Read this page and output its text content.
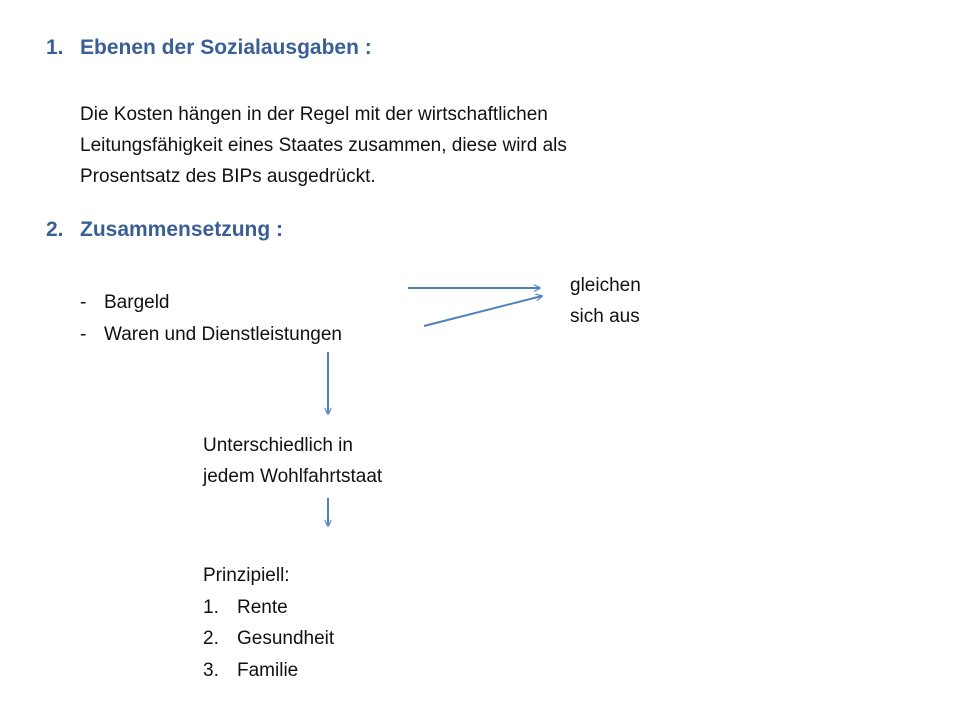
1. Ebenen der Sozialausgaben :
Die Kosten hängen in der Regel mit der wirtschaftlichen
Leitungsfähigkeit eines Staates zusammen, diese wird als
Prosentsatz des BIPs ausgedrückt.
2. Zusammensetzung :
- Bargeld
- Waren und Dienstleistungen
gleichen
sich aus
Unterschiedlich in
jedem Wohlfahrtstaat
Prinzipiell:
1. Rente
2. Gesundheit
3. Familie
